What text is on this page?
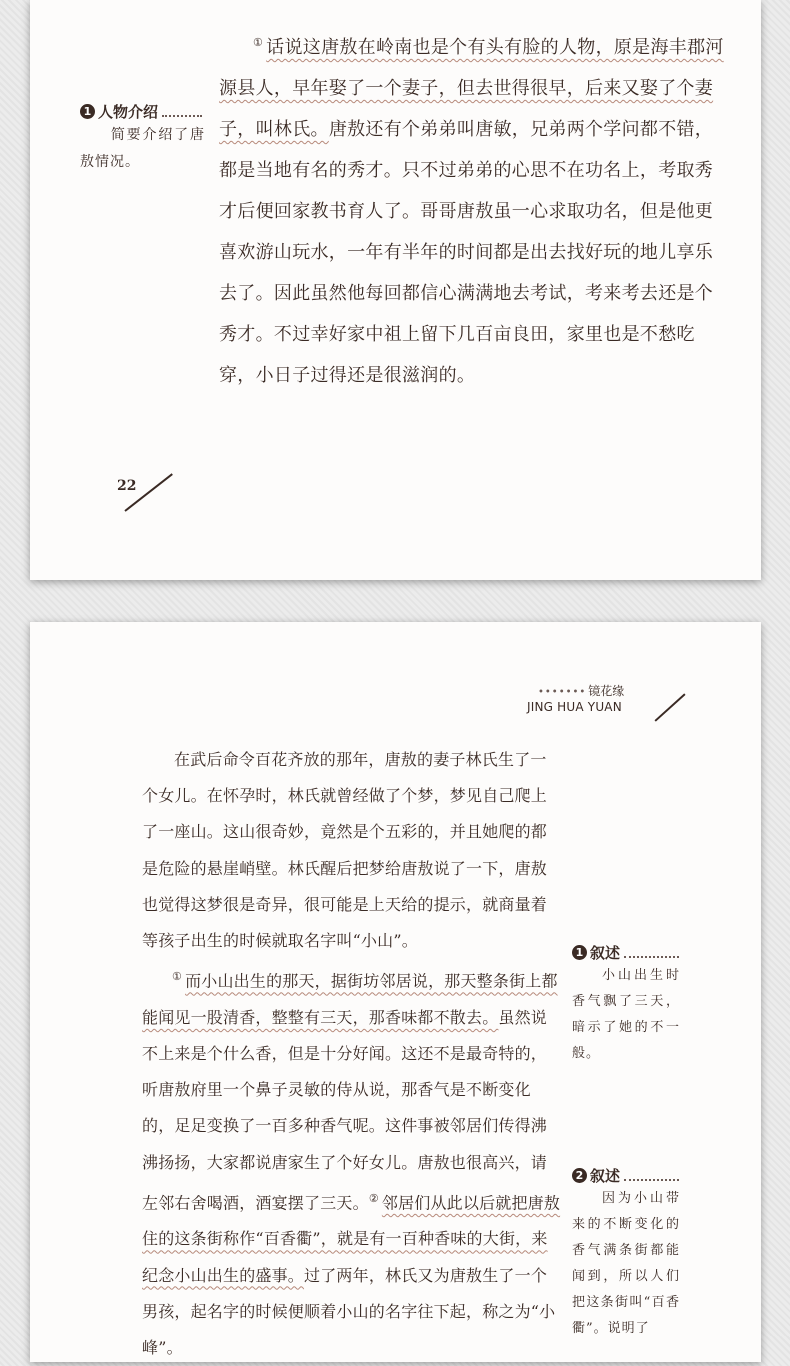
1 人物介绍
简要介绍了唐敖情况。
① 话说这唐敖在岭南也是个有头有脸的人物，原是海丰郡河源县人，早年娶了一个妻子，但去世得很早，后来又娶了个妻子，叫林氏。唐敖还有个弟弟叫唐敏，兄弟两个学问都不错，都是当地有名的秀才。只不过弟弟的心思不在功名上，考取秀才后便回家教书育人了。哥哥唐敖虽一心求取功名，但是他更喜欢游山玩水，一年有半年的时间都是出去找好玩的地儿享乐去了。因此虽然他每回都信心满满地去考试，考来考去还是个秀才。不过幸好家中祖上留下几百亩良田，家里也是不愁吃穿，小日子过得还是很滋润的。
22
••••••• 镜花缘
JING HUA YUAN
在武后命令百花齐放的那年，唐敖的妻子林氏生了一个女儿。在怀孕时，林氏就曾经做了个梦，梦见自己爬上了一座山。这山很奇妙，竟然是个五彩的，并且她爬的都是危险的悬崖峭壁。林氏醒后把梦给唐敖说了一下，唐敖也觉得这梦很是奇异，很可能是上天给的提示，就商量着等孩子出生的时候就取名字叫“小山”。
① 而小山出生的那天，据街坊邻居说，那天整条街上都能闻见一股清香，整整有三天，那香味都不散去。虽然说不上来是个什么香，但是十分好闻。这还不是最奇特的，听唐敖府里一个鼻子灵敏的侍从说，那香气是不断变化的，足足变换了一百多种香气呢。这件事被邻居们传得沸沸扬扬，大家都说唐家生了个好女儿。唐敖也很高兴，请左邻右舍喝酒，酒宴摆了三天。② 邻居们从此以后就把唐敖住的这条街称作“百香衢”，就是有一百种香味的大街，来纪念小山出生的盛事。过了两年，林氏又为唐敖生了一个男孩，起名字的时候便顺着小山的名字往下起，称之为“小峰”。
1 叙述
小山出生时香气飘了三天，暗示了她的不一般。
2 叙述
因为小山带来的不断变化的香气满条街都能闻到，所以人们把这条街叫“百香衢”。说明了
